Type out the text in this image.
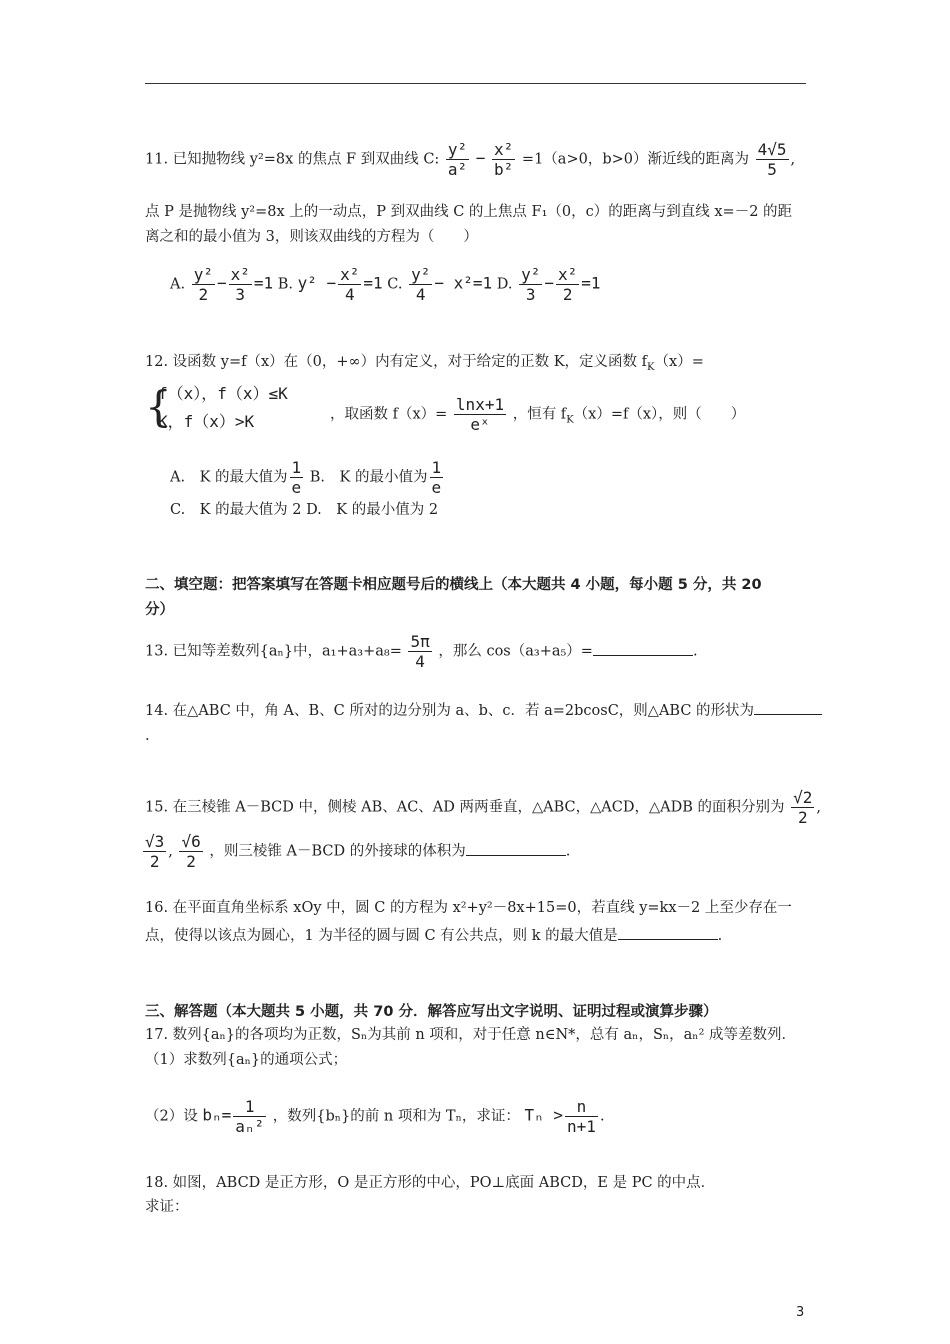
11. 已知抛物线 y²=8x 的焦点 F 到双曲线 C: $\frac{\text{y²}}{\text{a²}} - \frac{\text{x²}}{\text{b²}} =1(a>0$，b>0）渐近线的距离为 $\frac{4√5}{5}$ ,
点 P 是抛物线 y²=8x 上的一动点，P 到双曲线 C 的上焦点 F₁（0，c）的距离与到直线 x=－2 的距
离之和的最小值为 3，则该双曲线的方程为（　　）
A. $\frac{\text{y²}}{2} - \frac{\text{x²}}{3} =1$ B. $y^2 - \frac{\text{x²}}{4} =1$ C. $\frac{\text{y²}}{4} - x^2=1$ D. $\frac{\text{y²}}{3} - \frac{\text{x²}}{2} =1$
12. 设函数 y=f（x）在（0，+∞）内有定义，对于给定的正数 K，定义函数 $f_K(x)=$
{
f（x），f（x）≤K
K，f（x）>K	，取函数 $f(x)= \frac{\ln x+1}{\text{eˣ}}$ ，恒有 $f_K(x)=f(x)$，则（　　）
A.　K 的最大值为 $\frac{1}{e} B$.　K 的最小值为 $\frac{1}{e}$
C.　K 的最大值为 2 D.　K 的最小值为 2
二、填空题：把答案填写在答题卡相应题号后的横线上（本大题共 4 小题，每小题 5 分，共 20
分）
13. 已知等差数列{aₙ}中，$a_1+a_3+a_8= \frac{5\pi}{4}$ ，那么 cos（a₃+a₅）=	.
14. 在△ABC 中，角 A、B、C 所对的边分别为 a、b、c．若 a=2bcosC，则△ABC 的形状为
.
15. 在三棱锥 A－BCD 中，侧棱 AB、AC、AD 两两垂直，△ABC，△ACD，△ADB 的面积分别为 $\frac{√2}{2}$ ,
$\frac{√3}{2}$ , $\frac{√6}{2}$ ，则三棱锥 A－BCD 的外接球的体积为	.
16. 在平面直角坐标系 xOy 中，圆 C 的方程为 x²+y²－8x+15=0，若直线 y=kx－2 上至少存在一
点，使得以该点为圆心，1 为半径的圆与圆 C 有公共点，则 k 的最大值是	.
三、解答题（本大题共 5 小题，共 70 分．解答应写出文字说明、证明过程或演算步骤）
17. 数列{aₙ}的各项均为正数，Sₙ为其前 n 项和，对于任意 n∈N*，总有 aₙ，Sₙ，aₙ² 成等差数列．
（1）求数列{aₙ}的通项公式；
（2）设 $b_n= \frac{1}{\text{aₙ²}}$ ，数列{bₙ}的前 n 项和为 Tₙ，求证： $T_n > \frac{n}{n+1}$ .
18. 如图，ABCD 是正方形，O 是正方形的中心，PO⊥底面 ABCD，E 是 PC 的中点．
求证：
3
